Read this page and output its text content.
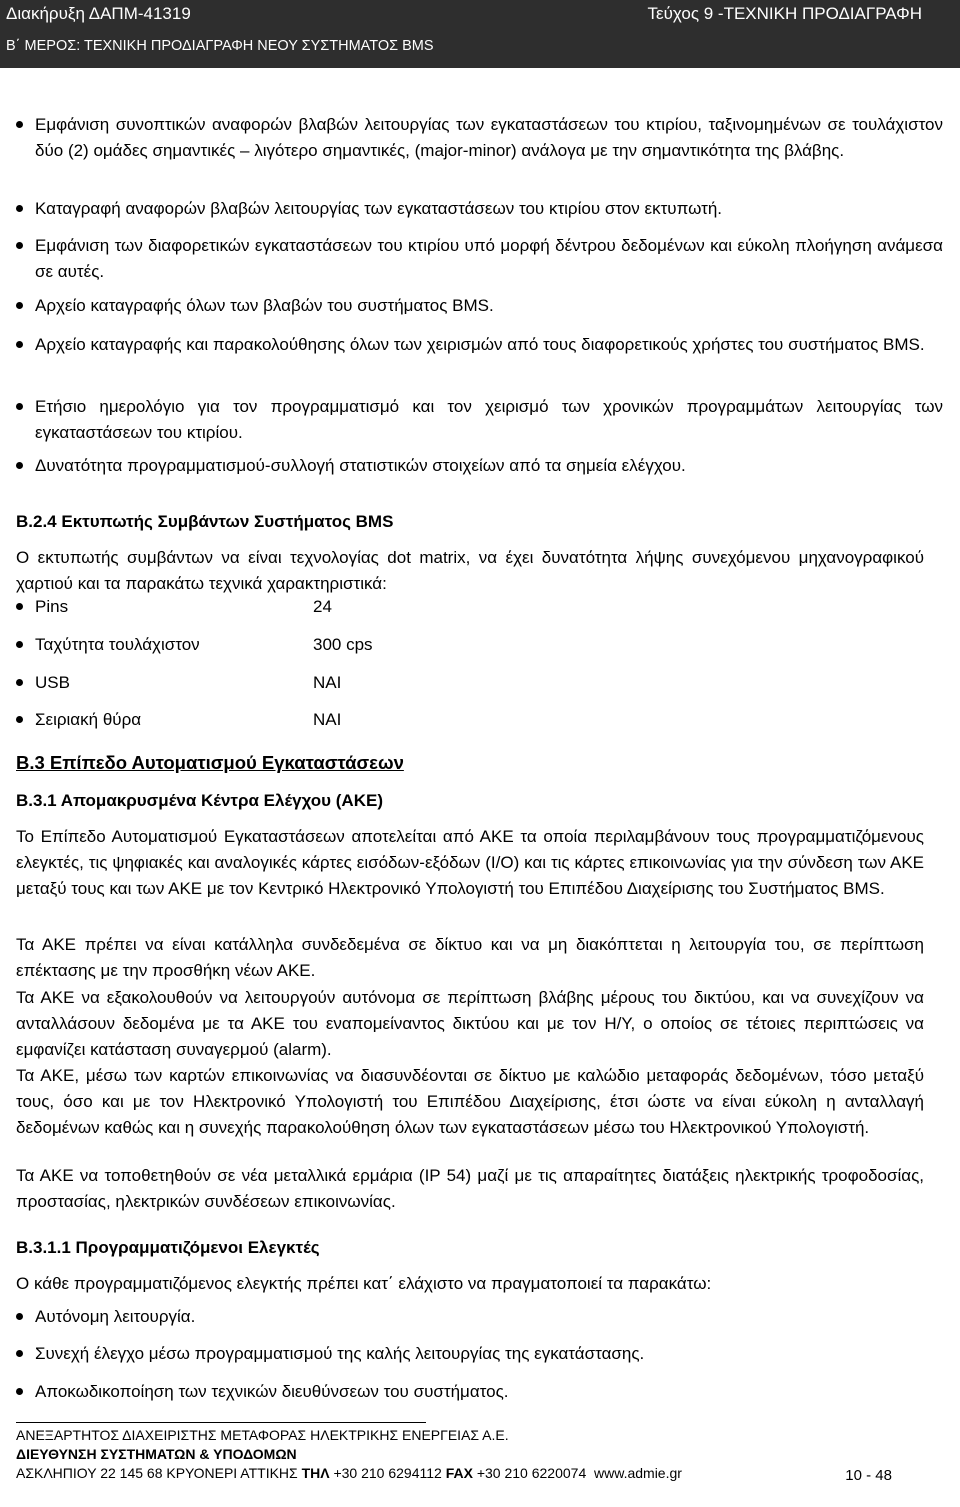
Διακήρυξη ΔΑΠΜ-41319	Τεύχος 9 -ΤΕΧΝΙΚΗ ΠΡΟΔΙΑΓΡΑΦΗ
Β΄ ΜΕΡΟΣ: ΤΕΧΝΙΚΗ ΠΡΟΔΙΑΓΡΑΦΗ ΝΕΟΥ ΣΥΣΤΗΜΑΤΟΣ BMS
Εμφάνιση συνοπτικών αναφορών βλαβών λειτουργίας των εγκαταστάσεων του κτιρίου, ταξινομημένων σε τουλάχιστον δύο (2) ομάδες σημαντικές – λιγότερο σημαντικές, (major-minor) ανάλογα με την σημαντικότητα της βλάβης.
Καταγραφή αναφορών βλαβών λειτουργίας των εγκαταστάσεων του κτιρίου στον εκτυπωτή.
Εμφάνιση των διαφορετικών εγκαταστάσεων του κτιρίου υπό μορφή δέντρου δεδομένων και εύκολη πλοήγηση ανάμεσα σε αυτές.
Αρχείο καταγραφής όλων των βλαβών του συστήματος BMS.
Αρχείο καταγραφής και παρακολούθησης όλων των χειρισμών από τους διαφορετικούς χρήστες του συστήματος BMS.
Ετήσιο ημερολόγιο για τον προγραμματισμό και τον χειρισμό των χρονικών προγραμμάτων λειτουργίας των εγκαταστάσεων του κτιρίου.
Δυνατότητα προγραμματισμού-συλλογή στατιστικών στοιχείων από τα σημεία ελέγχου.
Β.2.4 Εκτυπωτής Συμβάντων Συστήματος BMS
Ο εκτυπωτής συμβάντων να είναι τεχνολογίας dot matrix, να έχει δυνατότητα λήψης συνεχόμενου μηχανογραφικού χαρτιού και τα παρακάτω τεχνικά χαρακτηριστικά:
Pins	24
Ταχύτητα τουλάχιστον	300 cps
USB	ΝΑΙ
Σειριακή θύρα	ΝΑΙ
Β.3 Επίπεδο Αυτοματισμού Εγκαταστάσεων
Β.3.1 Απομακρυσμένα Κέντρα Ελέγχου (ΑΚΕ)
Το Επίπεδο Αυτοματισμού Εγκαταστάσεων αποτελείται από ΑΚΕ τα οποία περιλαμβάνουν τους προγραμματιζόμενους ελεγκτές, τις ψηφιακές και αναλογικές κάρτες εισόδων-εξόδων (I/O) και τις κάρτες επικοινωνίας για την σύνδεση των ΑΚΕ μεταξύ τους και των ΑΚΕ με τον Κεντρικό Ηλεκτρονικό Υπολογιστή του Επιπέδου Διαχείρισης του Συστήματος BMS.
Τα ΑΚΕ πρέπει να είναι κατάλληλα συνδεδεμένα σε δίκτυο και να μη διακόπτεται η λειτουργία του, σε περίπτωση επέκτασης με την προσθήκη νέων ΑΚΕ.
Τα ΑΚΕ να εξακολουθούν να λειτουργούν αυτόνομα σε περίπτωση βλάβης μέρους του δικτύου, και να συνεχίζουν να ανταλλάσουν δεδομένα με τα ΑΚΕ του εναπομείναντος δικτύου και με τον Η/Υ, ο οποίος σε τέτοιες περιπτώσεις να εμφανίζει κατάσταση συναγερμού (alarm).
Τα ΑΚΕ, μέσω των καρτών επικοινωνίας να διασυνδέονται σε δίκτυο με καλώδιο μεταφοράς δεδομένων, τόσο μεταξύ τους, όσο και με τον Ηλεκτρονικό Υπολογιστή του Επιπέδου Διαχείρισης, έτσι ώστε να είναι εύκολη η ανταλλαγή δεδομένων καθώς και η συνεχής παρακολούθηση όλων των εγκαταστάσεων μέσω του Ηλεκτρονικού Υπολογιστή.
Τα ΑΚΕ να τοποθετηθούν σε νέα μεταλλικά ερμάρια (IP 54) μαζί με τις απαραίτητες διατάξεις ηλεκτρικής τροφοδοσίας, προστασίας, ηλεκτρικών συνδέσεων επικοινωνίας.
Β.3.1.1 Προγραμματιζόμενοι Ελεγκτές
Ο κάθε προγραμματιζόμενος ελεγκτής πρέπει κατ΄ ελάχιστο να πραγματοποιεί τα παρακάτω:
Αυτόνομη λειτουργία.
Συνεχή έλεγχο μέσω προγραμματισμού της καλής λειτουργίας της εγκατάστασης.
Αποκωδικοποίηση των τεχνικών διευθύνσεων του συστήματος.
ΑΝΕΞΑΡΤΗΤΟΣ ΔΙΑΧΕΙΡΙΣΤΗΣ ΜΕΤΑΦΟΡΑΣ ΗΛΕΚΤΡΙΚΗΣ ΕΝΕΡΓΕΙΑΣ Α.Ε.
ΔΙΕΥΘΥΝΣΗ ΣΥΣΤΗΜΑΤΩΝ & ΥΠΟΔΟΜΩΝ
ΑΣΚΛΗΠΙΟΥ 22 145 68 ΚΡΥΟΝΕΡΙ ΑΤΤΙΚΗΣ ΤΗΛ +30 210 6294112 FAX +30 210 6220074 www.admie.gr	10 - 48
